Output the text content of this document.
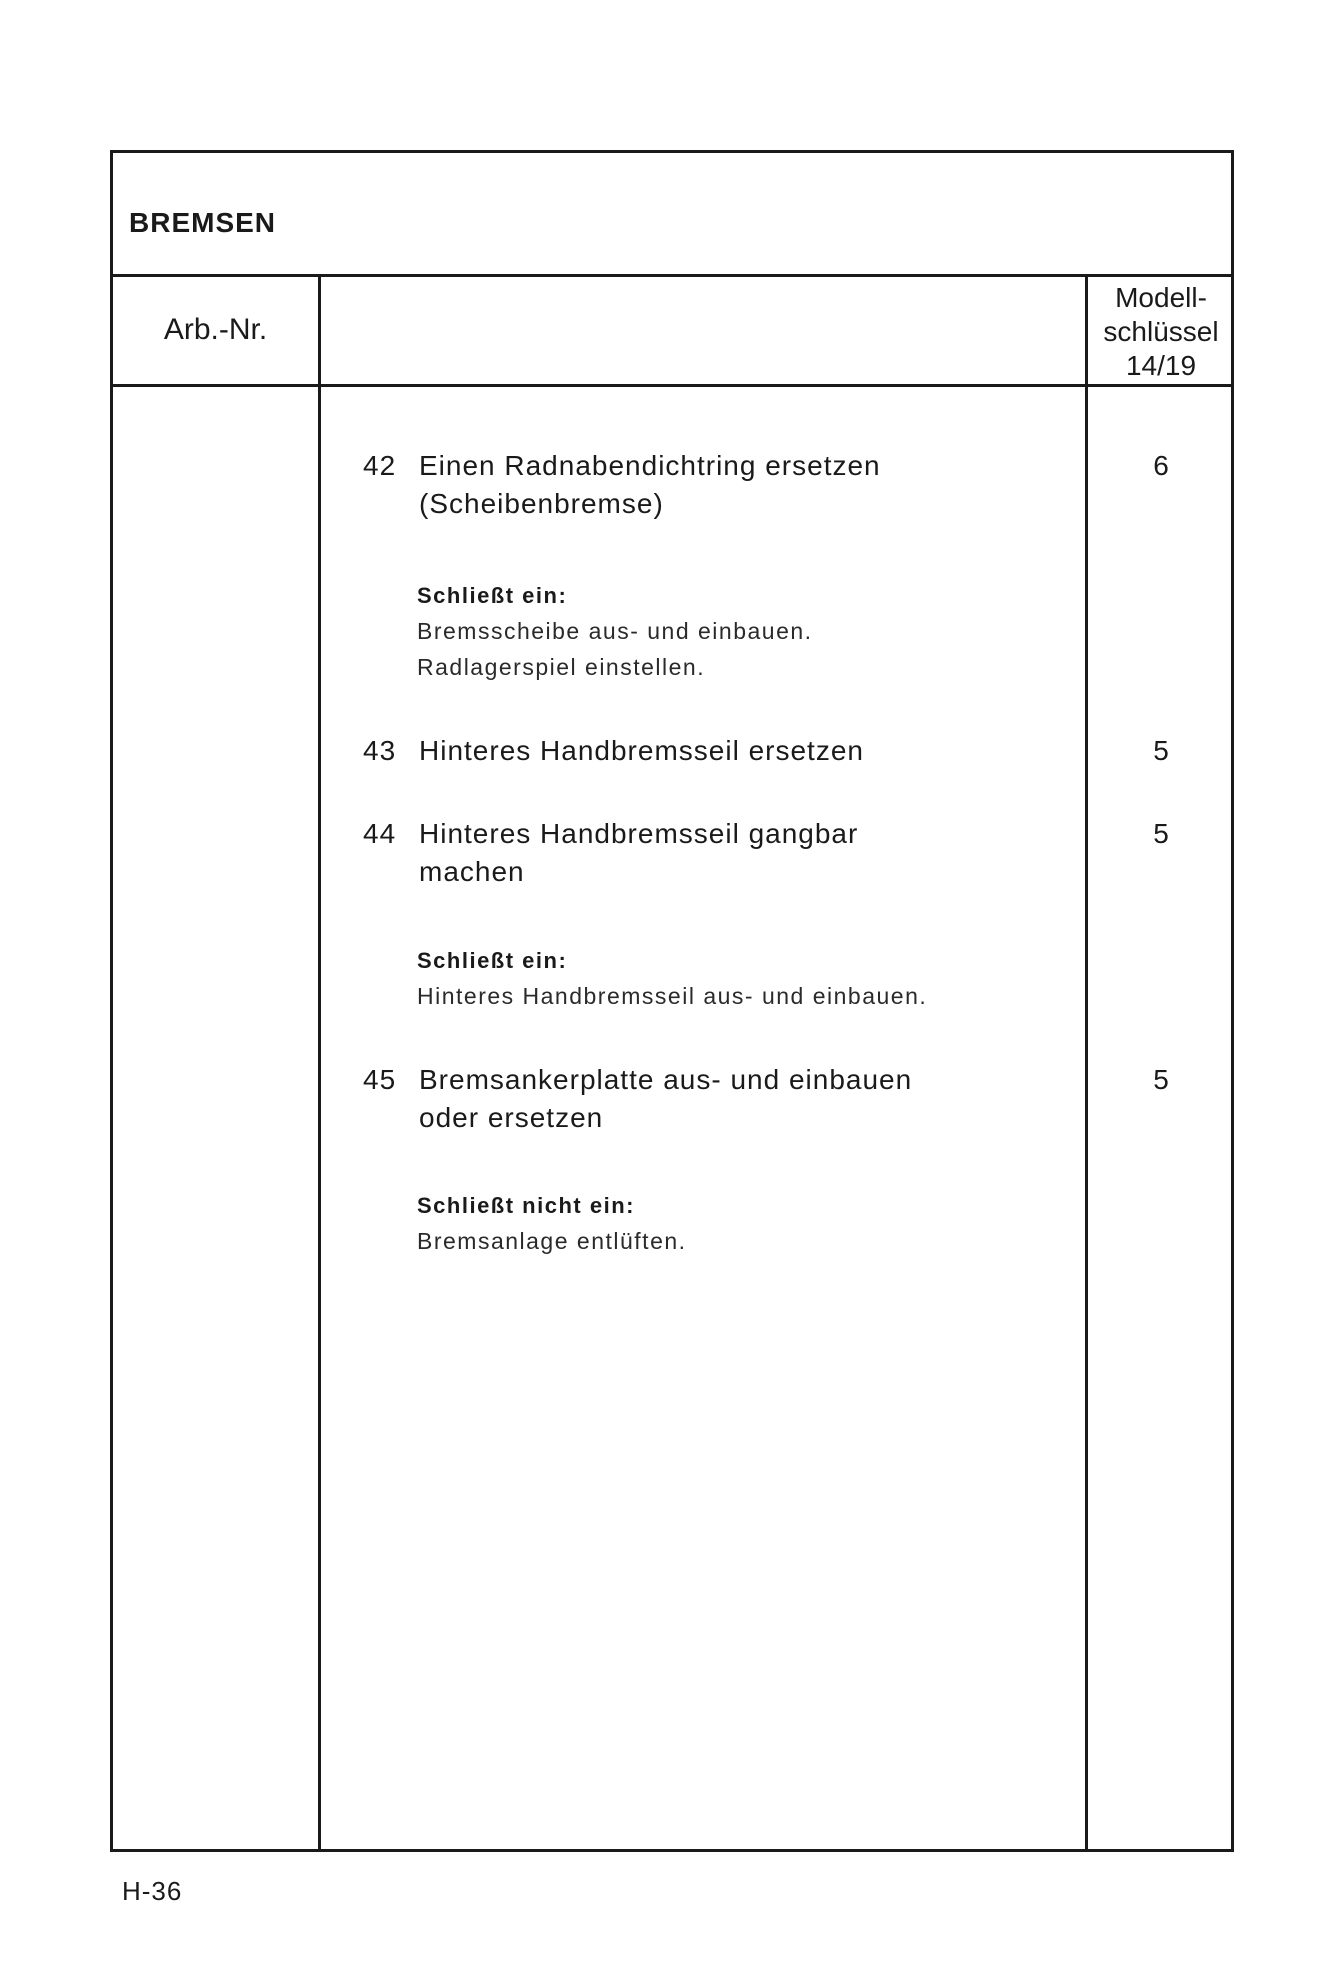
BREMSEN
Arb.-Nr.
Modell-
schlüssel
14/19
42 Einen Radnabendichtring ersetzen
(Scheibenbremse)
6
Schließt ein:
Bremsscheibe aus- und einbauen.
Radlagerspiel einstellen.
43 Hinteres Handbremsseil ersetzen	5
44 Hinteres Handbremsseil gangbar
machen
5
Schließt ein:
Hinteres Handbremsseil aus- und einbauen.
45 Bremsankerplatte aus- und einbauen
oder ersetzen
5
Schließt nicht ein:
Bremsanlage entlüften.
H-36
